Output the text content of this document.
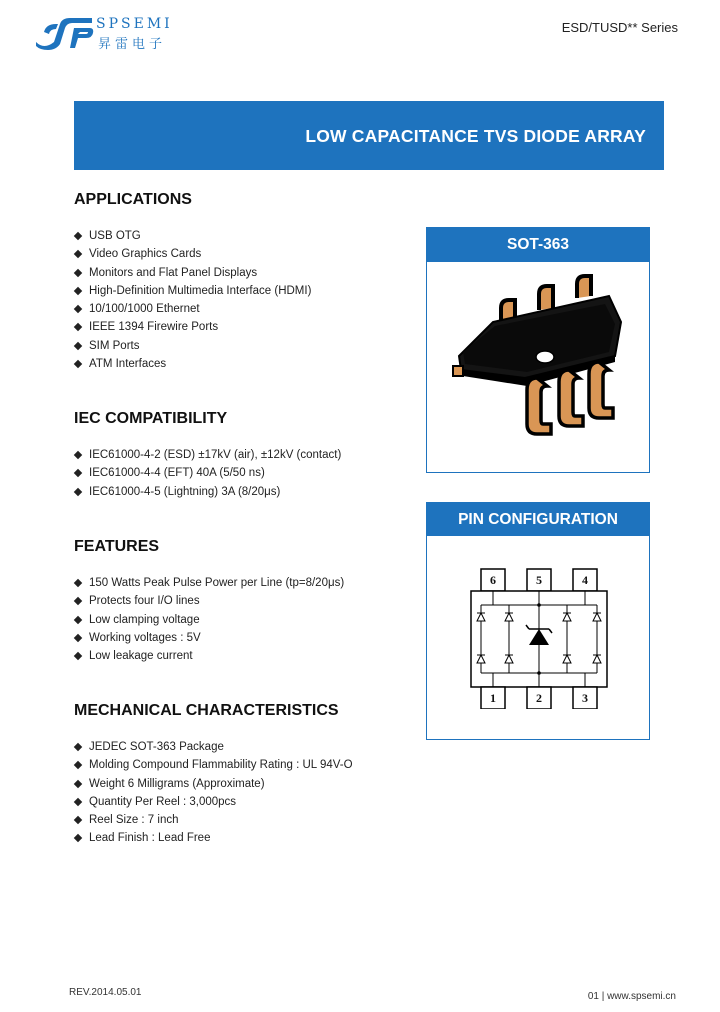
SPSEMI
昇雷电子
ESD/TUSD** Series
LOW CAPACITANCE TVS DIODE ARRAY
APPLICATIONS
USB OTG
Video Graphics Cards
Monitors and Flat Panel Displays
High-Definition Multimedia Interface (HDMI)
10/100/1000 Ethernet
IEEE 1394 Firewire Ports
SIM Ports
ATM Interfaces
IEC COMPATIBILITY
IEC61000-4-2 (ESD) ±17kV (air), ±12kV (contact)
IEC61000-4-4 (EFT) 40A (5/50 ns)
IEC61000-4-5 (Lightning) 3A (8/20μs)
FEATURES
150 Watts Peak Pulse Power per Line (tp=8/20μs)
Protects four I/O lines
Low clamping voltage
Working voltages : 5V
Low leakage current
MECHANICAL CHARACTERISTICS
JEDEC SOT-363 Package
Molding Compound Flammability Rating : UL 94V-O
Weight 6 Milligrams (Approximate)
Quantity Per Reel : 3,000pcs
Reel Size : 7 inch
Lead Finish : Lead Free
SOT-363
PIN CONFIGURATION
6	5	4
1	2	3
REV.2014.05.01	01 | www.spsemi.cn
